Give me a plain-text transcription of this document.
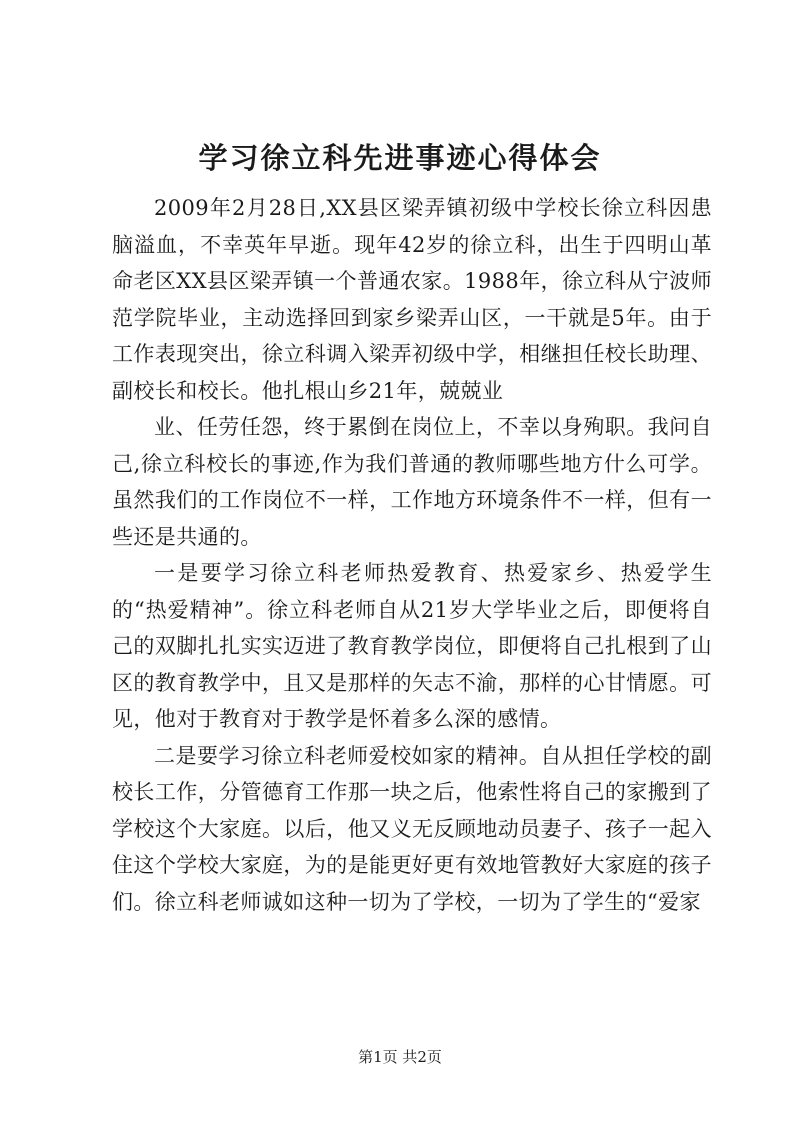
学习徐立科先进事迹心得体会

2009年2月28日,XX县区梁弄镇初级中学校长徐立科因患脑溢血，不幸英年早逝。现年42岁的徐立科，出生于四明山革命老区XX县区梁弄镇一个普通农家。1988年，徐立科从宁波师范学院毕业，主动选择回到家乡梁弄山区，一干就是5年。由于工作表现突出，徐立科调入梁弄初级中学，相继担任校长助理、副校长和校长。他扎根山乡21年，兢兢业

业、任劳任怨，终于累倒在岗位上，不幸以身殉职。我问自己,徐立科校长的事迹,作为我们普通的教师哪些地方什么可学。虽然我们的工作岗位不一样，工作地方环境条件不一样，但有一些还是共通的。

一是要学习徐立科老师热爱教育、热爱家乡、热爱学生的“热爱精神”。徐立科老师自从21岁大学毕业之后，即便将自己的双脚扎扎实实迈进了教育教学岗位，即便将自己扎根到了山区的教育教学中，且又是那样的矢志不渝，那样的心甘情愿。可见，他对于教育对于教学是怀着多么深的感情。

二是要学习徐立科老师爱校如家的精神。自从担任学校的副校长工作，分管德育工作那一块之后，他索性将自己的家搬到了学校这个大家庭。以后，他又义无反顾地动员妻子、孩子一起入住这个学校大家庭，为的是能更好更有效地管教好大家庭的孩子们。徐立科老师诚如这种一切为了学校，一切为了学生的“爱家

第1页 共2页
